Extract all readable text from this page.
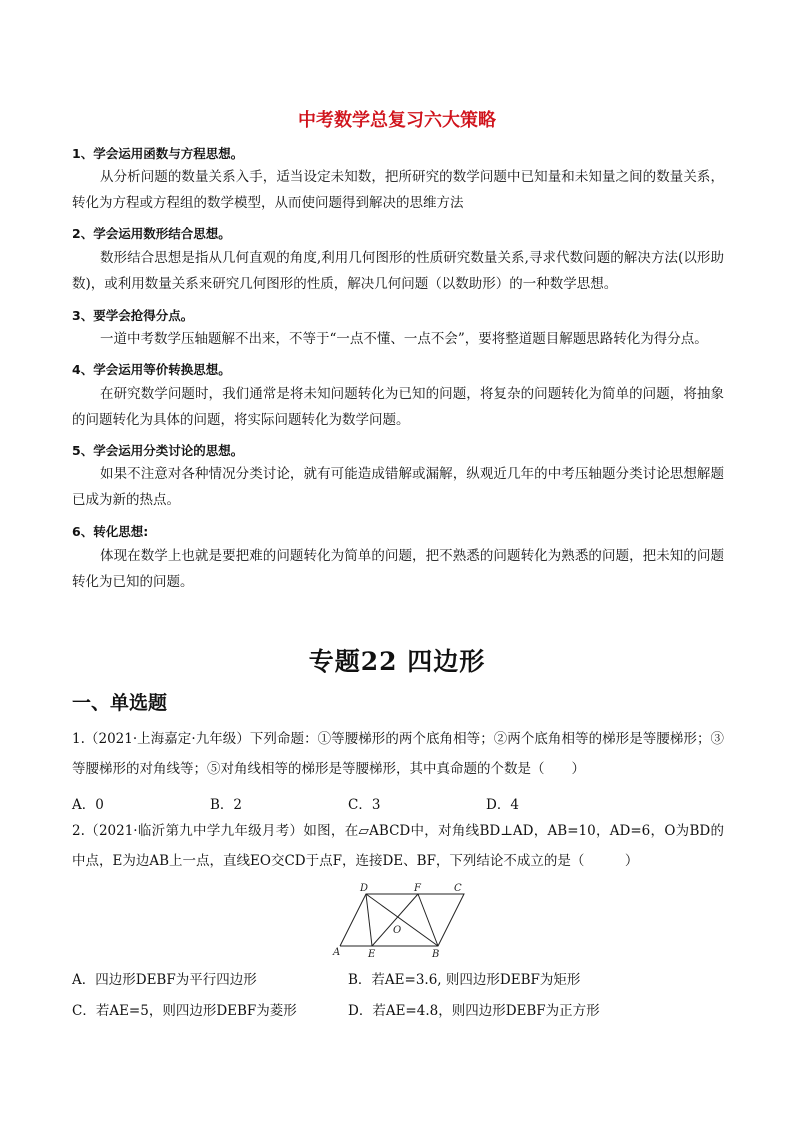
中考数学总复习六大策略
1、学会运用函数与方程思想。

从分析问题的数量关系入手，适当设定未知数，把所研究的数学问题中已知量和未知量之间的数量关系，转化为方程或方程组的数学模型，从而使问题得到解决的思维方法

2、学会运用数形结合思想。

数形结合思想是指从几何直观的角度,利用几何图形的性质研究数量关系,寻求代数问题的解决方法(以形助数)，或利用数量关系来研究几何图形的性质，解决几何问题（以数助形）的一种数学思想。

3、要学会抢得分点。

一道中考数学压轴题解不出来，不等于“一点不懂、一点不会”，要将整道题目解题思路转化为得分点。

4、学会运用等价转换思想。

在研究数学问题时，我们通常是将未知问题转化为已知的问题，将复杂的问题转化为简单的问题，将抽象的问题转化为具体的问题，将实际问题转化为数学问题。

5、学会运用分类讨论的思想。

如果不注意对各种情况分类讨论，就有可能造成错解或漏解，纵观近几年的中考压轴题分类讨论思想解题已成为新的热点。

6、转化思想:

体现在数学上也就是要把难的问题转化为简单的问题，把不熟悉的问题转化为熟悉的问题，把未知的问题转化为已知的问题。

专题22 四边形
一、单选题

1.（2021·上海嘉定·九年级）下列命题：①等腰梯形的两个底角相等；②两个底角相等的梯形是等腰梯形；③等腰梯形的对角线等；⑤对角线相等的梯形是等腰梯形，其中真命题的个数是（　　）

A．0	B．2	C．3	D．4

2.（2021·临沂第九中学九年级月考）如图，在▱ABCD中，对角线BD⊥AD，AB=10，AD=6，O为BD的中点，E为边AB上一点，直线EO交CD于点F，连接DE、BF，下列结论不成立的是（　　　）

D	F	C
A	E
O
B
A．四边形DEBF为平行四边形	B．若AE=3.6, 则四边形DEBF为矩形
C．若AE=5，则四边形DEBF为菱形	D．若AE=4.8，则四边形DEBF为正方形
